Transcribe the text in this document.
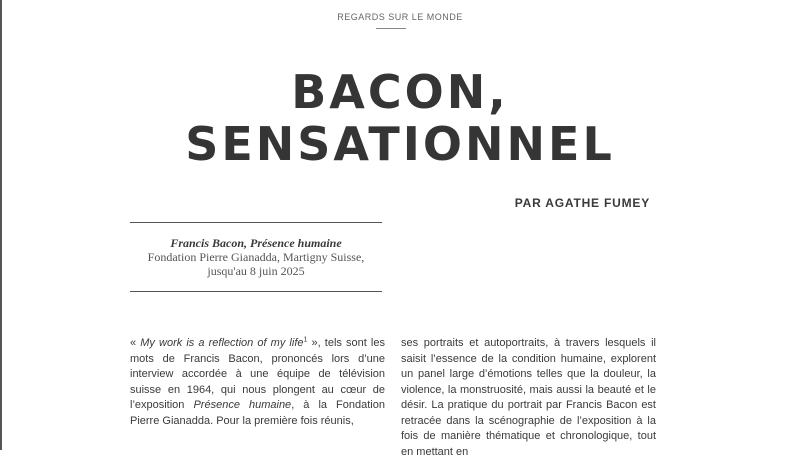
REGARDS SUR LE MONDE
BACON,
SENSATIONNEL
PAR AGATHE FUMEY
Francis Bacon, Présence humaine
Fondation Pierre Gianadda, Martigny Suisse,
jusqu'au 8 juin 2025
« My work is a reflection of my life$^1$ », tels sont les mots de Francis Bacon, prononcés lors d’une interview accordée à une équipe de télévision suisse en 1964, qui nous plongent au cœur de l’exposition Présence humaine, à la Fondation Pierre Gianadda. Pour la première fois réunis,
ses portraits et autoportraits, à travers lesquels il saisit l’essence de la condition humaine, explorent un panel large d’émotions telles que la douleur, la violence, la monstruosité, mais aussi la beauté et le désir. La pratique du portrait par Francis Bacon est retracée dans la scénographie de l’exposition à la fois de manière thématique et chronologique, tout en mettant en
